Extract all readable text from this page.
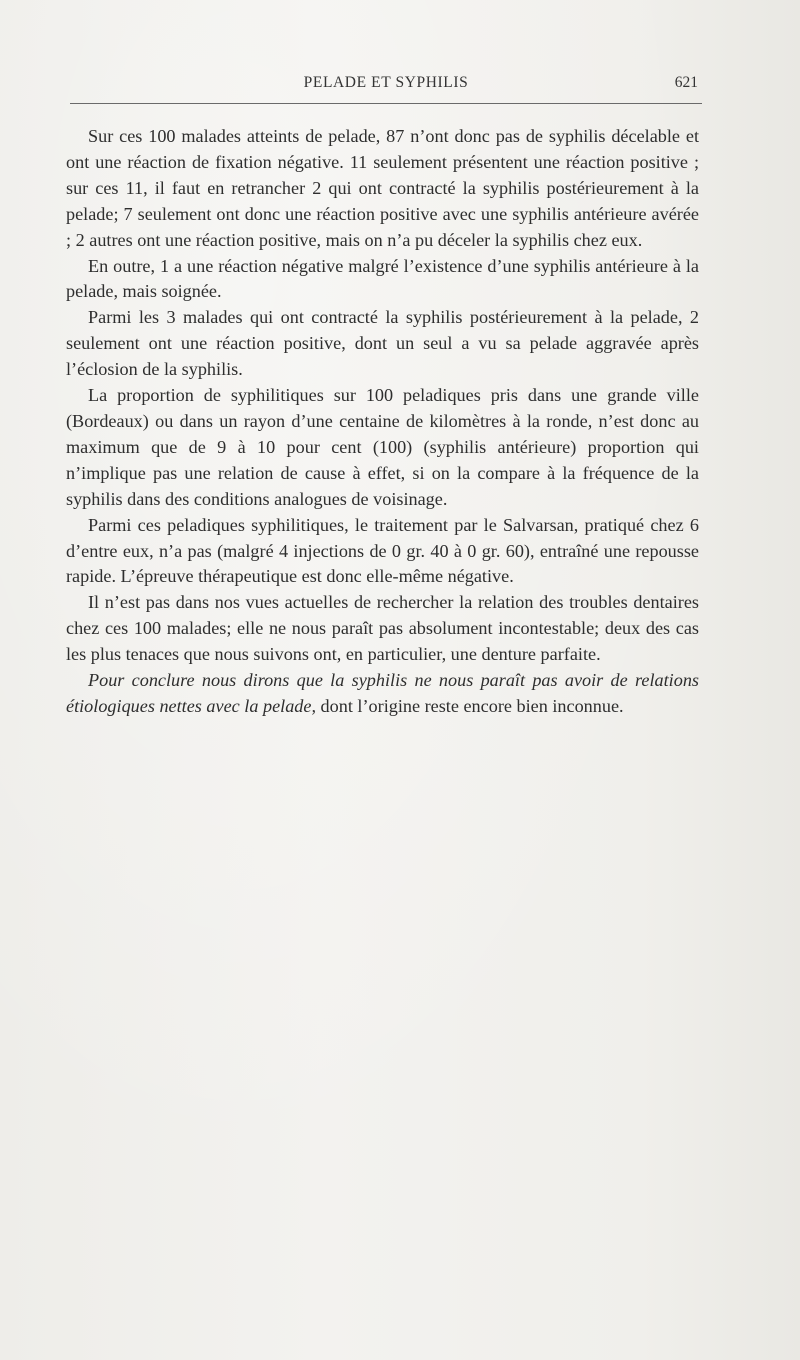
PELADE ET SYPHILIS	621

Sur ces 100 malades atteints de pelade, 87 n’ont donc pas de syphilis décelable et ont une réaction de fixation négative. 11 seulement présentent une réaction positive ; sur ces 11, il faut en retrancher 2 qui ont contracté la syphilis postérieurement à la pelade; 7 seulement ont donc une réaction positive avec une syphilis antérieure avérée ; 2 autres ont une réaction positive, mais on n’a pu déceler la syphilis chez eux.

En outre, 1 a une réaction négative malgré l’existence d’une syphilis antérieure à la pelade, mais soignée.

Parmi les 3 malades qui ont contracté la syphilis postérieurement à la pelade, 2 seulement ont une réaction positive, dont un seul a vu sa pelade aggravée après l’éclosion de la syphilis.

La proportion de syphilitiques sur 100 peladiques pris dans une grande ville (Bordeaux) ou dans un rayon d’une centaine de kilomètres à la ronde, n’est donc au maximum que de 9 à 10 pour cent (100) (syphilis antérieure) proportion qui n’implique pas une relation de cause à effet, si on la compare à la fréquence de la syphilis dans des conditions analogues de voisinage.

Parmi ces peladiques syphilitiques, le traitement par le Salvarsan, pratiqué chez 6 d’entre eux, n’a pas (malgré 4 injections de 0 gr. 40 à 0 gr. 60), entraîné une repousse rapide. L’épreuve thérapeutique est donc elle-même négative.

Il n’est pas dans nos vues actuelles de rechercher la relation des troubles dentaires chez ces 100 malades; elle ne nous paraît pas absolument incontestable; deux des cas les plus tenaces que nous suivons ont, en particulier, une denture parfaite.

Pour conclure nous dirons que la syphilis ne nous paraît pas avoir de relations étiologiques nettes avec la pelade, dont l’origine reste encore bien inconnue.
